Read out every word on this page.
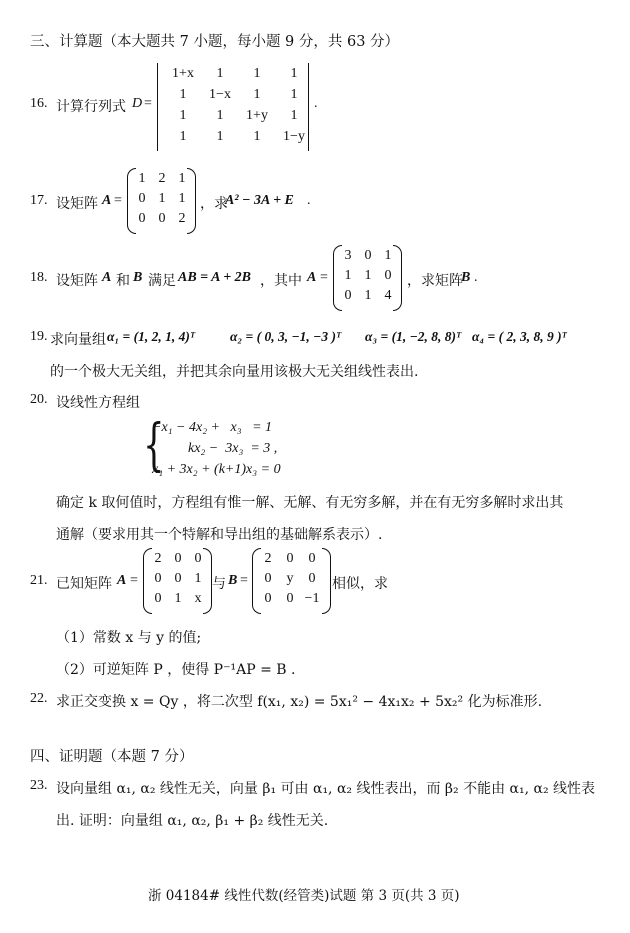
三、计算题（本大题共 7 小题，每小题 9 分，共 63 分）
16. 计算行列式 D =
1+x	1	1	1
1	1−x	1	1
1	1	1+y	1
1	1	1	1−y
.
17. 设矩阵 A =
1 2 1
0 1 1
0 0 2
，求
A² − 3A + E .
18. 设矩阵 A 和 B 满足 AB = A + 2B ，其中 A =
3 0 1
1 1 0
0 1 4
，求矩阵
B .
19. 求向量组 α₁ = (1, 2, 1, 4)ᵀ	α₂ = ( 0, 3, −1, −3 )ᵀ α₃ = (1, −2, 8, 8)ᵀ α₄ = ( 2, 3, 8, 9 )ᵀ
的一个极大无关组，并把其余向量用该极大无关组线性表出.
20. 设线性方程组
{
−x₁ − 4x₂ +   x₃   = 1
kx₂ −  3x₃  = 3 ,
x₁ + 3x₂ + (k+1)x₃ = 0
确定 k 取何值时，方程组有惟一解、无解、有无穷多解，并在有无穷多解时求出其
通解（要求用其一个特解和导出组的基础解系表示）.
21. 已知矩阵 A =
2 0 0
0 0 1
0 1 x
与 B =
2	0	0
0	y	0
0	0 −1
相似，求
（1）常数 x 与 y 的值;
（2）可逆矩阵 P ，使得 P⁻¹AP = B .
22. 求正交变换 x = Qy ，将二次型 f(x₁, x₂) = 5x₁² − 4x₁x₂ + 5x₂² 化为标准形.
四、证明题（本题 7 分）
23. 设向量组 α₁, α₂ 线性无关，向量 β₁ 可由 α₁, α₂ 线性表出，而 β₂ 不能由 α₁, α₂ 线性表
出. 证明：向量组 α₁, α₂, β₁ + β₂ 线性无关.
浙 04184# 线性代数(经管类)试题 第 3 页(共 3 页)
